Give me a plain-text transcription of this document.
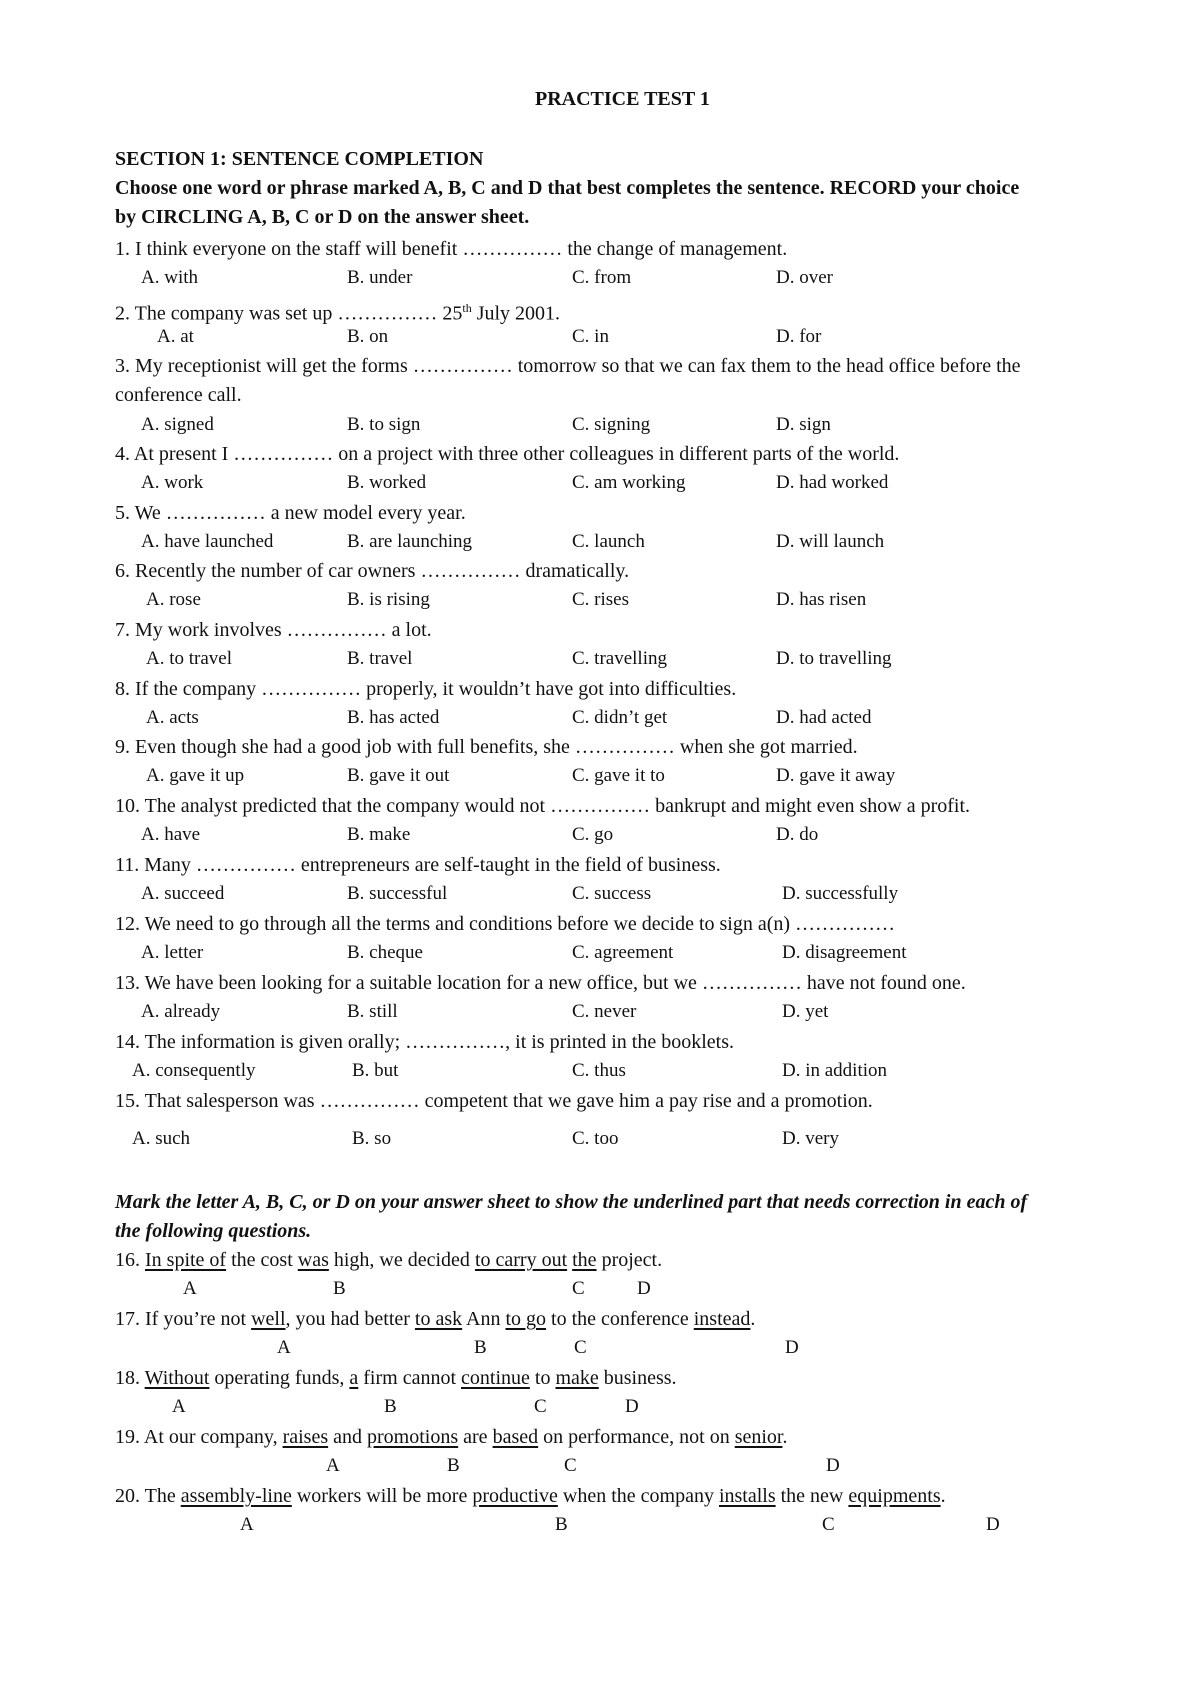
PRACTICE TEST 1
SECTION 1: SENTENCE COMPLETION
Choose one word or phrase marked A, B, C and D that best completes the sentence. RECORD your choice
by CIRCLING A, B, C or D on the answer sheet.
1. I think everyone on the staff will benefit …………… the change of management.
A. with	B. under	C. from	D. over
2. The company was set up …………… 25th July 2001.
A. at	B. on	C. in	D. for
3. My receptionist will get the forms …………… tomorrow so that we can fax them to the head office before the
conference call.
A. signed	B. to sign	C. signing	D. sign
4. At present I …………… on a project with three other colleagues in different parts of the world.
A. work	B. worked	C. am working	D. had worked
5. We …………… a new model every year.
A. have launched	B. are launching	C. launch	D. will launch
6. Recently the number of car owners …………… dramatically.
A. rose	B. is rising	C. rises	D. has risen
7. My work involves …………… a lot.
A. to travel	B. travel	C. travelling	D. to travelling
8. If the company …………… properly, it wouldn’t have got into difficulties.
A. acts	B. has acted	C. didn’t get	D. had acted
9. Even though she had a good job with full benefits, she …………… when she got married.
A. gave it up	B. gave it out	C. gave it to	D. gave it away
10. The analyst predicted that the company would not …………… bankrupt and might even show a profit.
A. have	B. make	C. go	D. do
11. Many …………… entrepreneurs are self-taught in the field of business.
A. succeed	B. successful	C. success	D. successfully
12. We need to go through all the terms and conditions before we decide to sign a(n) ……………
A. letter	B. cheque	C. agreement	D. disagreement
13. We have been looking for a suitable location for a new office, but we …………… have not found one.
A. already	B. still	C. never	D. yet
14. The information is given orally; ……………, it is printed in the booklets.
A. consequently	B. but	C. thus	D. in addition
15. That salesperson was …………… competent that we gave him a pay rise and a promotion.
A. such	B. so	C. too	D. very
Mark the letter A, B, C, or D on your answer sheet to show the underlined part that needs correction in each of
the following questions.
16. In spite of the cost was high, we decided to carry out the project.
A	B	C	D
17. If you’re not well, you had better to ask Ann to go to the conference instead.
A	B	C	D
18. Without operating funds, a firm cannot continue to make business.
A	B	C	D
19. At our company, raises and promotions are based on performance, not on senior.
A	B	C	D
20. The assembly-line workers will be more productive when the company installs the new equipments.
A	B	C	D
